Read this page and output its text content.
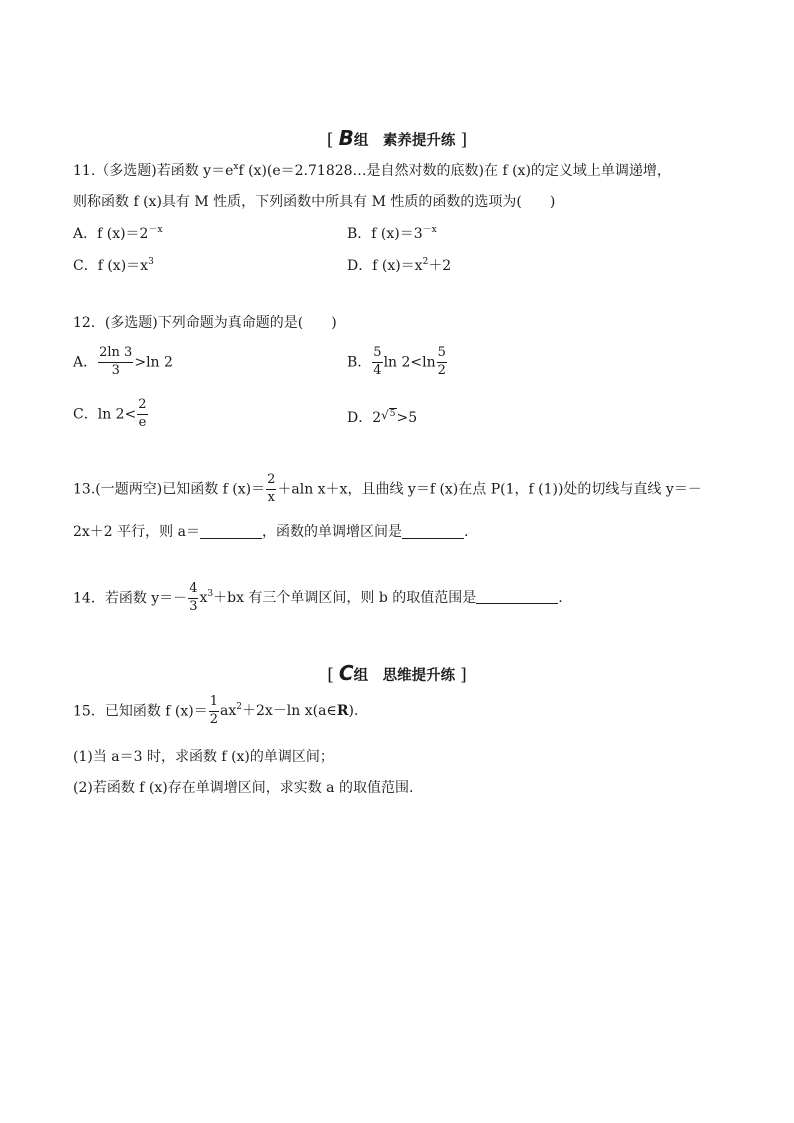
[ B组　素养提升练 ]
11.（多选题)若函数 $y=e^xf$ (x)(e＝2.71828…是自然对数的底数)在 f (x)的定义域上单调递增，
则称函数 f (x)具有 M 性质，下列函数中所具有 M 性质的函数的选项为(　　)
A．f $(x)=2^{-x}$	B．f $(x)=3^{-x}$
C．f $(x)=x^3$	D．f $(x)=x^2+2$
12．(多选题)下列命题为真命题的是(　　)
A． $\frac{2\ln 3}{3} >\ln$ 2	B． $\frac{5}{4}$ $\ln 2<\ln \frac{5}{2}$
C．$\ln 2< \frac{2}{e}$	D．2√5>5
13.(一题两空)已知函数 f $(x)= \frac{2}{x} +aln$ x＋x，且曲线 y＝f (x)在点 P(1，f (1))处的切线与直线 y＝－
2x＋2 平行，则 a＝	，函数的单调增区间是	.
14．若函数 $y=- \frac{4}{3} x^3+bx$ 有三个单调区间，则 b 的取值范围是	.
[ C组　思维提升练 ]
15．已知函数 f $(x)= \frac{1}{2} ax^2+2x-\ln$ x(a∈R).
(1)当 a＝3 时，求函数 f (x)的单调区间；
(2)若函数 f (x)存在单调增区间，求实数 a 的取值范围.
